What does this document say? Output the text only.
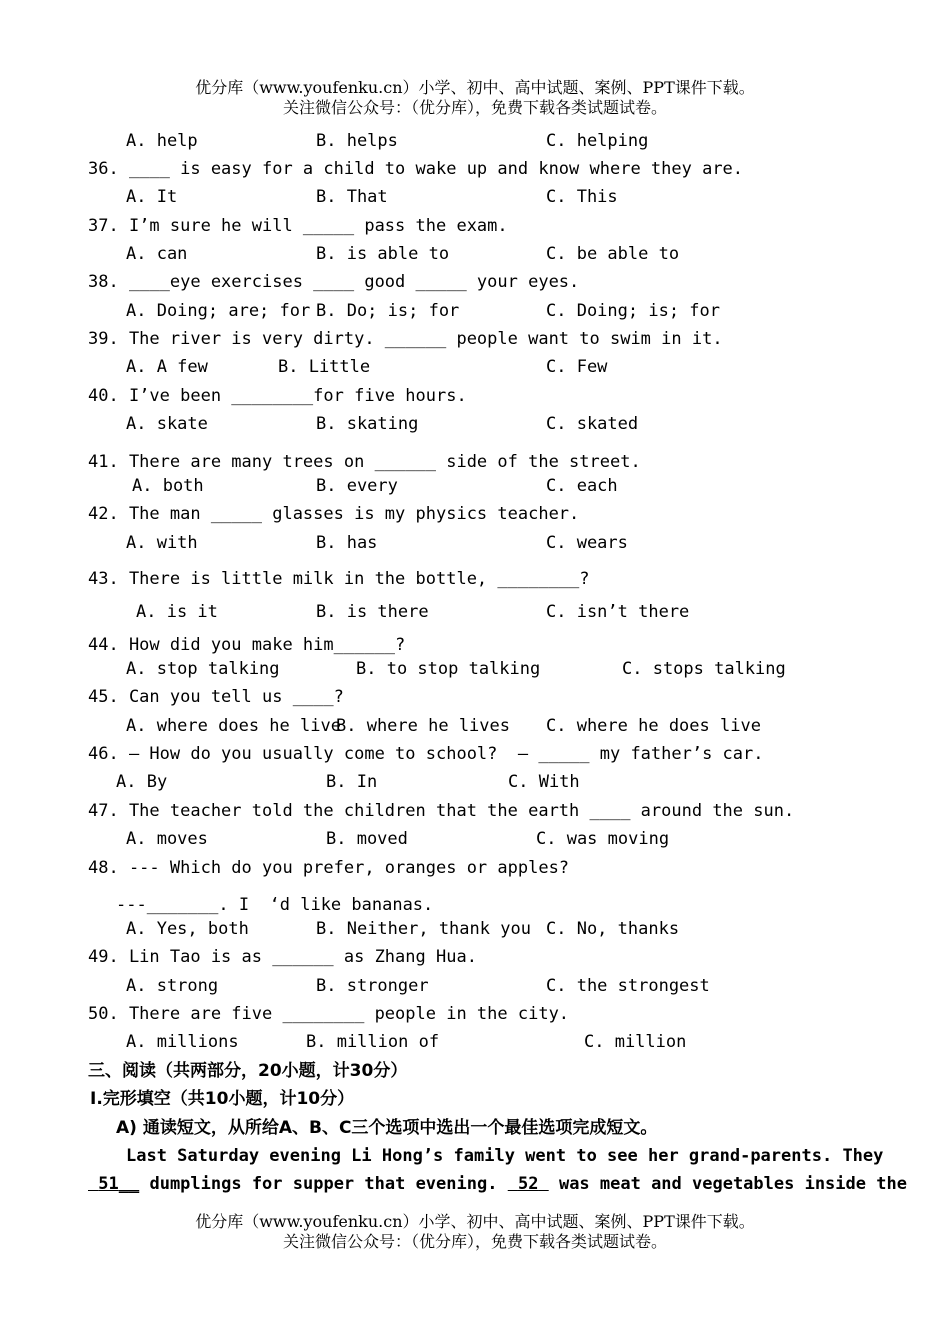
优分库（www.youfenku.cn）小学、初中、高中试题、案例、PPT课件下载。
关注微信公众号：（优分库），免费下载各类试题试卷。
A. help	B. helps	C. helping
36. ____ is easy for a child to wake up and know where they are.
A. It	B. That	C. This
37. I’m sure he will _____ pass the exam.
A. can	B. is able to	C. be able to
38. ____eye exercises ____ good _____ your eyes.
A. Doing; are; for B. Do; is; for	C. Doing; is; for
39. The river is very dirty. ______ people want to swim in it.
A. A few	B. Little	C. Few
40. I’ve been ________for five hours.
A. skate	B. skating	C. skated
41. There are many trees on ______ side of the street.
A. both	B. every	C. each
42. The man _____ glasses is my physics teacher.
A. with	B. has	C. wears
43. There is little milk in the bottle, ________?
A. is it	B. is there	C. isn’t there
44. How did you make him______?
A. stop talking	B. to stop talking	C. stops talking
45. Can you tell us ____?
A. where does he live
B. where he lives C. where he does live
46. — How do you usually come to school?  — _____ my father’s car.
A. By	B. In	C. With
47. The teacher told the children that the earth ____ around the sun.
A. moves	B. moved	C. was moving
48. --- Which do you prefer, oranges or apples?
---_______. I  ‘d like bananas.
A. Yes, both	B. Neither, thank you C. No, thanks
49. Lin Tao is as ______ as Zhang Hua.
A. strong	B. stronger	C. the strongest
50. There are five ________ people in the city.
A. millions	B. million of	C. million
三、阅读（共两部分，20小题，计30分）
Ⅰ.完形填空（共10小题，计10分）
A) 通读短文，从所给A、B、C三个选项中选出一个最佳选项完成短文。
Last Saturday evening Li Hong’s family went to see her grand-parents. They
51__ dumplings for supper that evening. 52 was meat and vegetables inside the
优分库（www.youfenku.cn）小学、初中、高中试题、案例、PPT课件下载。
关注微信公众号：（优分库），免费下载各类试题试卷。
